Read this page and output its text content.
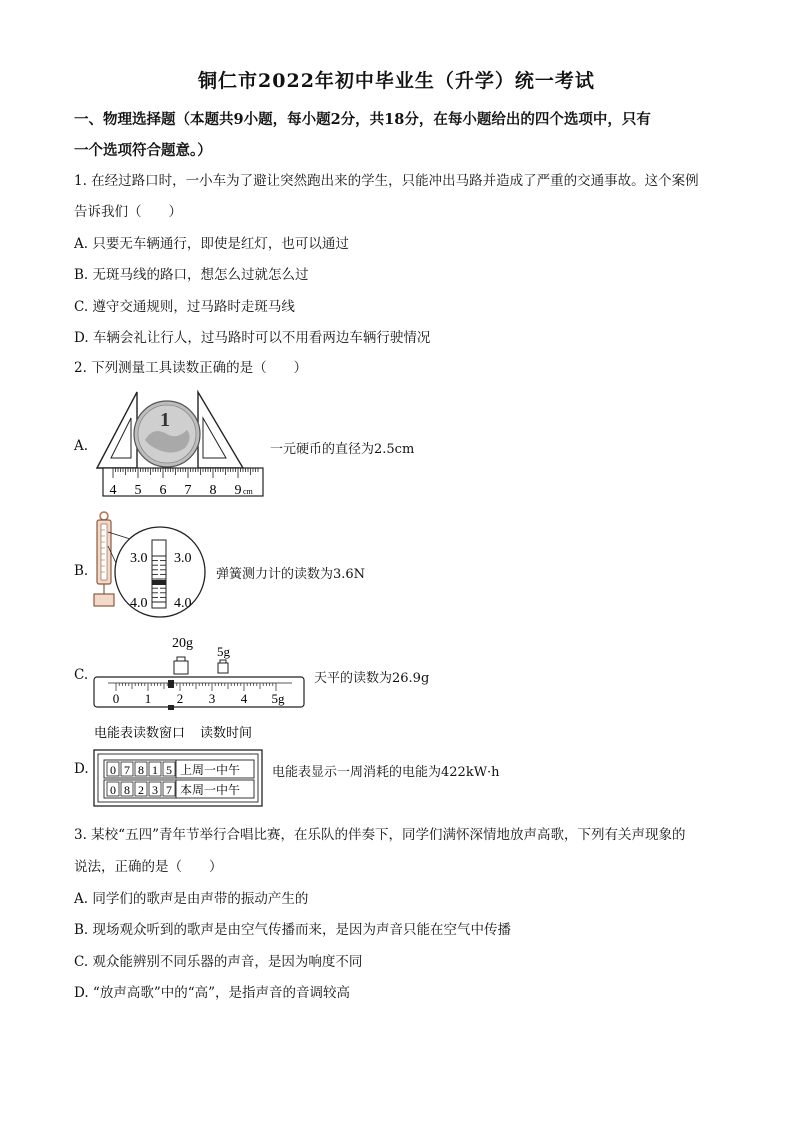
铜仁市2022年初中毕业生（升学）统一考试
一、物理选择题（本题共9小题，每小题2分，共18分，在每小题给出的四个选项中，只有
一个选项符合题意。）
1. 在经过路口时，一小车为了避让突然跑出来的学生，只能冲出马路并造成了严重的交通事故。这个案例
告诉我们（　　）
A. 只要无车辆通行，即使是红灯，也可以通过
B. 无斑马线的路口，想怎么过就怎么过
C. 遵守交通规则，过马路时走斑马线
D. 车辆会礼让行人，过马路时可以不用看两边车辆行驶情况
2. 下列测量工具读数正确的是（　　）
A.
1
4 5 6 7 8 9 cm
一元硬币的直径为2.5cm
B.
3.0
4.0
3.0
4.0
弹簧测力计的读数为3.6N
C.
20g
5g
0 1 2 3 4 5g
天平的读数为26.9g
D.
电能表读数窗口 读数时间
0 7 8 1 5 上周一中午
0 8 2 3 7 本周一中午
电能表显示一周消耗的电能为422kW·h
3. 某校“五四”青年节举行合唱比赛，在乐队的伴奏下，同学们满怀深情地放声高歌，下列有关声现象的
说法，正确的是（　　）
A. 同学们的歌声是由声带的振动产生的
B. 现场观众听到的歌声是由空气传播而来，是因为声音只能在空气中传播
C. 观众能辨别不同乐器的声音，是因为响度不同
D. “放声高歌”中的“高”，是指声音的音调较高
